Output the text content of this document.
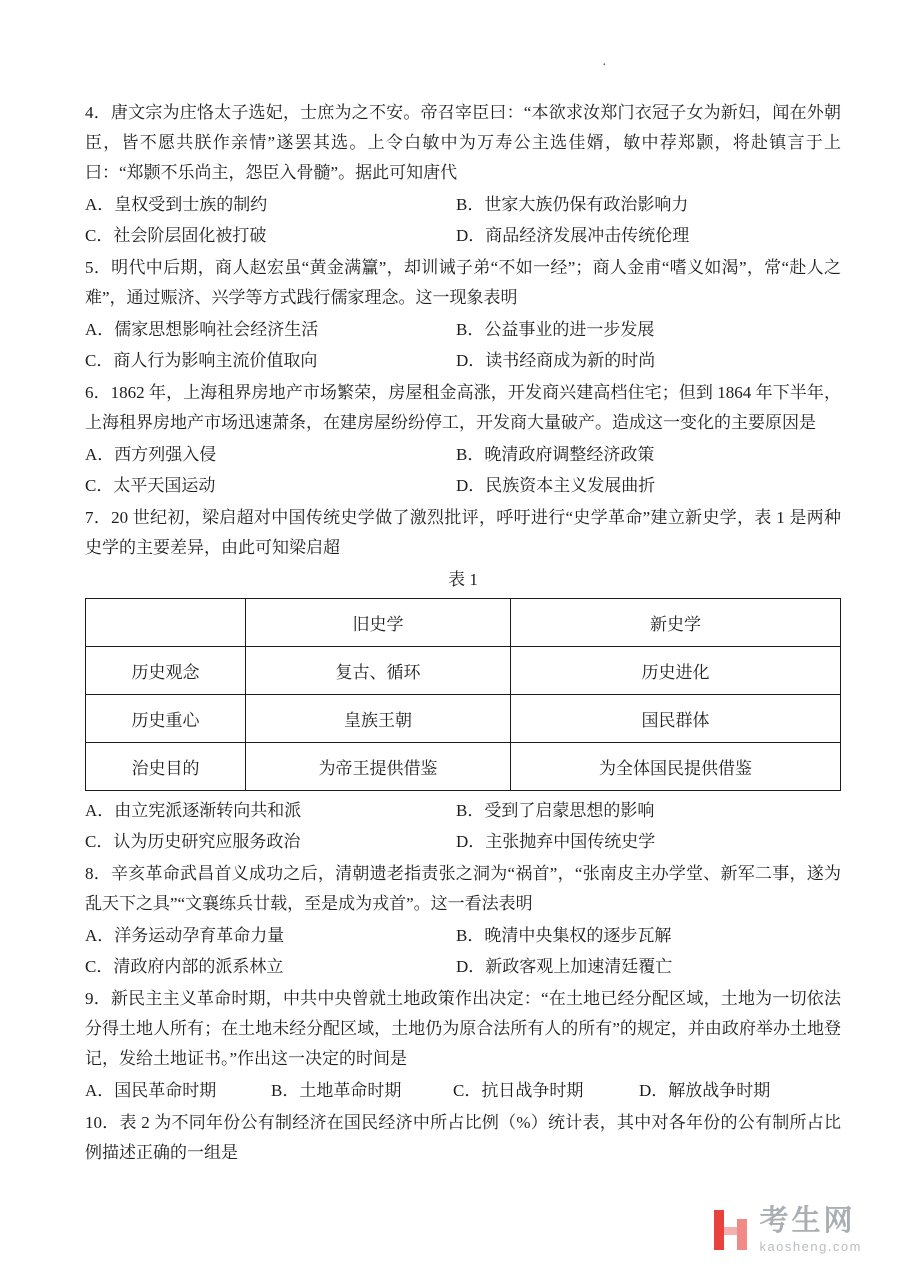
·

4．唐文宗为庄恪太子选妃，士庶为之不安。帝召宰臣曰：“本欲求汝郑门衣冠子女为新妇，闻在外朝臣，皆不愿共朕作亲情”遂罢其选。上令白敏中为万寿公主选佳婿，敏中荐郑颢，将赴镇言于上曰：“郑颢不乐尚主，怨臣入骨髓”。据此可知唐代

A．皇权受到士族的制约	B．世家大族仍保有政治影响力
C．社会阶层固化被打破	D．商品经济发展冲击传统伦理

5．明代中后期，商人赵宏虽“黄金满籯”，却训诫子弟“不如一经”；商人金甫“嗜义如渴”，常“赴人之难”，通过赈济、兴学等方式践行儒家理念。这一现象表明

A．儒家思想影响社会经济生活	B．公益事业的进一步发展
C．商人行为影响主流价值取向	D．读书经商成为新的时尚

6．1862 年，上海租界房地产市场繁荣，房屋租金高涨，开发商兴建高档住宅；但到 1864 年下半年，上海租界房地产市场迅速萧条，在建房屋纷纷停工，开发商大量破产。造成这一变化的主要原因是

A．西方列强入侵	B．晚清政府调整经济政策
C．太平天国运动	D．民族资本主义发展曲折

7．20 世纪初，梁启超对中国传统史学做了激烈批评，呼吁进行“史学革命”建立新史学，表 1 是两种史学的主要差异，由此可知梁启超

表 1
	旧史学	新史学
历史观念	复古、循环	历史进化
历史重心	皇族王朝	国民群体
治史目的	为帝王提供借鉴	为全体国民提供借鉴
A．由立宪派逐渐转向共和派	B．受到了启蒙思想的影响
C．认为历史研究应服务政治	D．主张抛弃中国传统史学

8．辛亥革命武昌首义成功之后，清朝遗老指责张之洞为“祸首”，“张南皮主办学堂、新军二事，遂为乱天下之具”“文襄练兵廿载，至是成为戎首”。这一看法表明

A．洋务运动孕育革命力量	B．晚清中央集权的逐步瓦解
C．清政府内部的派系林立	D．新政客观上加速清廷覆亡

9．新民主主义革命时期，中共中央曾就土地政策作出决定：“在土地已经分配区域，土地为一切依法分得土地人所有；在土地未经分配区域，土地仍为原合法所有人的所有”的规定，并由政府举办土地登记，发给土地证书。”作出这一决定的时间是

A．国民革命时期	B．土地革命时期	C．抗日战争时期	D．解放战争时期

10．表 2 为不同年份公有制经济在国民经济中所占比例（%）统计表，其中对各年份的公有制所占比例描述正确的一组是

考生网
kaosheng.com
